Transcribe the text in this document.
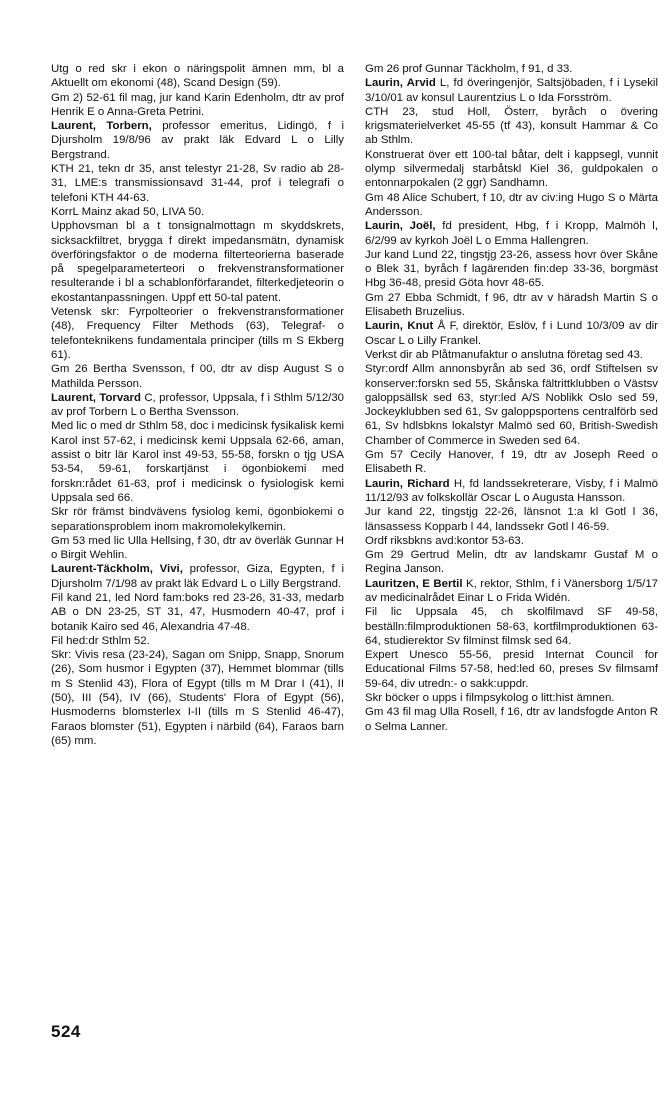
Utg o red skr i ekon o näringspolit ämnen mm, bl a Aktuellt om ekonomi (48), Scand Design (59).

Gm 2) 52-61 fil mag, jur kand Karin Edenholm, dtr av prof Henrik E o Anna-Greta Petrini.

Laurent, Torbern, professor emeritus, Lidingö, f i Djursholm 19/8/96 av prakt läk Edvard L o Lilly Bergstrand.

KTH 21, tekn dr 35, anst telestyr 21-28, Sv radio ab 28-31, LME:s transmissionsavd 31-44, prof i telegrafi o telefoni KTH 44-63.

KorrL Mainz akad 50, LIVA 50.

Upphovsman bl a t tonsignalmottagn m skyddskrets, sicksackfiltret, brygga f direkt impedansmätn, dynamisk överföringsfaktor o de moderna filterteorierna baserade på spegelparameterteori o frekvenstransformationer resulterande i bl a schablonförfarandet, filterkedjeteorin o ekostantanpassningen. Uppf ett 50-tal patent.

Vetensk skr: Fyrpolteorier o frekvenstransformationer (48), Frequency Filter Methods (63), Telegraf- o telefonteknikens fundamentala principer (tills m S Ekberg 61).

Gm 26 Bertha Svensson, f 00, dtr av disp August S o Mathilda Persson.

Laurent, Torvard C, professor, Uppsala, f i Sthlm 5/12/30 av prof Torbern L o Bertha Svensson.

Med lic o med dr Sthlm 58, doc i medicinsk fysikalisk kemi Karol inst 57-62, i medicinsk kemi Uppsala 62-66, aman, assist o bitr lär Karol inst 49-53, 55-58, forskn o tjg USA 53-54, 59-61, forskartjänst i ögonbiokemi med forskn:rådet 61-63, prof i medicinsk o fysiologisk kemi Uppsala sed 66.

Skr rör främst bindvävens fysiolog kemi, ögonbiokemi o separationsproblem inom makromolekylkemin.

Gm 53 med lic Ulla Hellsing, f 30, dtr av överläk Gunnar H o Birgit Wehlin.

Laurent-Täckholm, Vivi, professor, Giza, Egypten, f i Djursholm 7/1/98 av prakt läk Edvard L o Lilly Bergstrand.

Fil kand 21, led Nord fam:boks red 23-26, 31-33, medarb AB o DN 23-25, ST 31, 47, Husmodern 40-47, prof i botanik Kairo sed 46, Alexandria 47-48.

Fil hed:dr Sthlm 52.

Skr: Vivis resa (23-24), Sagan om Snipp, Snapp, Snorum (26), Som husmor i Egypten (37), Hemmet blommar (tills m S Stenlid 43), Flora of Egypt (tills m M Drar I (41), II (50), III (54), IV (66), Students' Flora of Egypt (56), Husmoderns blomsterlex I-II (tills m S Stenlid 46-47), Faraos blomster (51), Egypten i närbild (64), Faraos barn (65) mm.

Gm 26 prof Gunnar Täckholm, f 91, d 33.

Laurin, Arvid L, fd överingenjör, Saltsjöbaden, f i Lysekil 3/10/01 av konsul Laurentzius L o Ida Forsström.

CTH 23, stud Holl, Österr, byråch o övering krigsmaterielverket 45-55 (tf 43), konsult Hammar & Co ab Sthlm.

Konstruerat över ett 100-tal båtar, delt i kappsegl, vunnit olymp silvermedalj starbåtskl Kiel 36, guldpokalen o entonnarpokalen (2 ggr) Sandhamn.

Gm 48 Alice Schubert, f 10, dtr av civ:ing Hugo S o Märta Andersson.

Laurin, Joël, fd president, Hbg, f i Kropp, Malmöh l, 6/2/99 av kyrkoh Joël L o Emma Hallengren.

Jur kand Lund 22, tingstjg 23-26, assess hovr över Skåne o Blek 31, byråch f lagärenden fin:dep 33-36, borgmäst Hbg 36-48, presid Göta hovr 48-65.

Gm 27 Ebba Schmidt, f 96, dtr av v häradsh Martin S o Elisabeth Bruzelius.

Laurin, Knut Å F, direktör, Eslöv, f i Lund 10/3/09 av dir Oscar L o Lilly Frankel.

Verkst dir ab Plåtmanufaktur o anslutna företag sed 43.

Styr:ordf Allm annonsbyrån ab sed 36, ordf Stiftelsen sv konserver:forskn sed 55, Skånska fältrittklubben o Västsv galoppsällsk sed 63, styr:led A/S Noblikk Oslo sed 59, Jockeyklubben sed 61, Sv galoppsportens centralförb sed 61, Sv hdlsbkns lokalstyr Malmö sed 60, British-Swedish Chamber of Commerce in Sweden sed 64.

Gm 57 Cecily Hanover, f 19, dtr av Joseph Reed o Elisabeth R.

Laurin, Richard H, fd landssekreterare, Visby, f i Malmö 11/12/93 av folkskollär Oscar L o Augusta Hansson.

Jur kand 22, tingstjg 22-26, länsnot 1:a kl Gotl l 36, länsassess Kopparb l 44, landssekr Gotl l 46-59.

Ordf riksbkns avd:kontor 53-63.

Gm 29 Gertrud Melin, dtr av landskamr Gustaf M o Regina Janson.

Lauritzen, E Bertil K, rektor, Sthlm, f i Vänersborg 1/5/17 av medicinalrådet Einar L o Frida Widén.

Fil lic Uppsala 45, ch skolfilmavd SF 49-58, beställn:filmproduktionen 58-63, kortfilmproduktionen 63-64, studierektor Sv filminst filmsk sed 64.

Expert Unesco 55-56, presid Internat Council for Educational Films 57-58, hed:led 60, preses Sv filmsamf 59-64, div utredn:- o sakk:uppdr.

Skr böcker o upps i filmpsykolog o litt:hist ämnen.

Gm 43 fil mag Ulla Rosell, f 16, dtr av landsfogde Anton R o Selma Lanner.

524
